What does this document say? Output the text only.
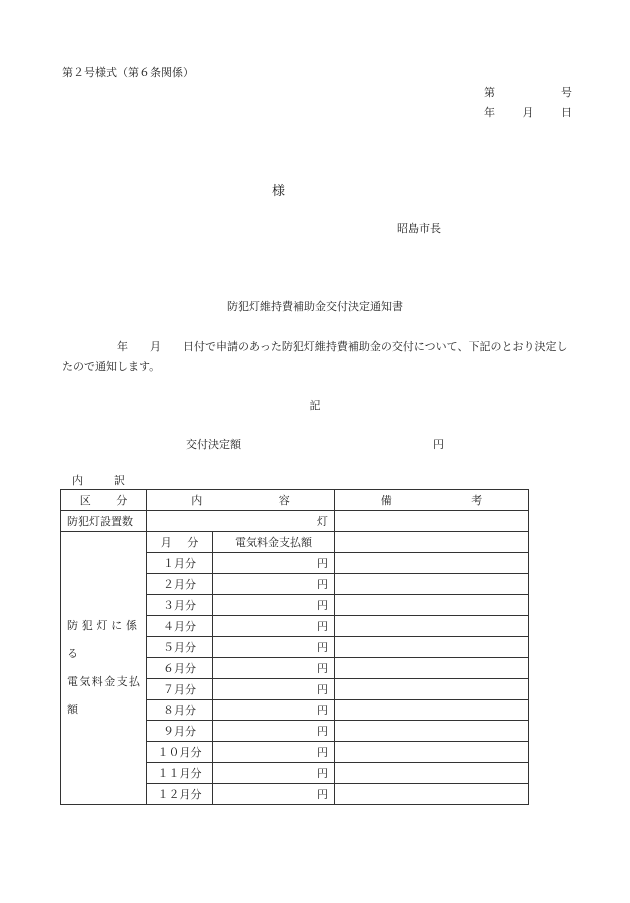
第２号様式（第６条関係）
第	号
年	月	日
様
昭島市長
防犯灯維持費補助金交付決定通知書
　　　　　年　　月　　日付で申請のあった防犯灯維持費補助金の交付について、下記のとおり決定したので通知します。
記
交付決定額	円
内　訳
区 分	内 容		備 考

防犯灯設置数	灯		

防犯灯に係る
電気料金支払額	月 分	電気料金支払額	
	１月分	円	
	２月分	円	
	３月分	円	
	４月分	円	
	５月分	円	
	６月分	円	
	７月分	円	
	８月分	円	
	９月分	円	
	１０月分	円	
	１１月分	円	
	１２月分	円	
